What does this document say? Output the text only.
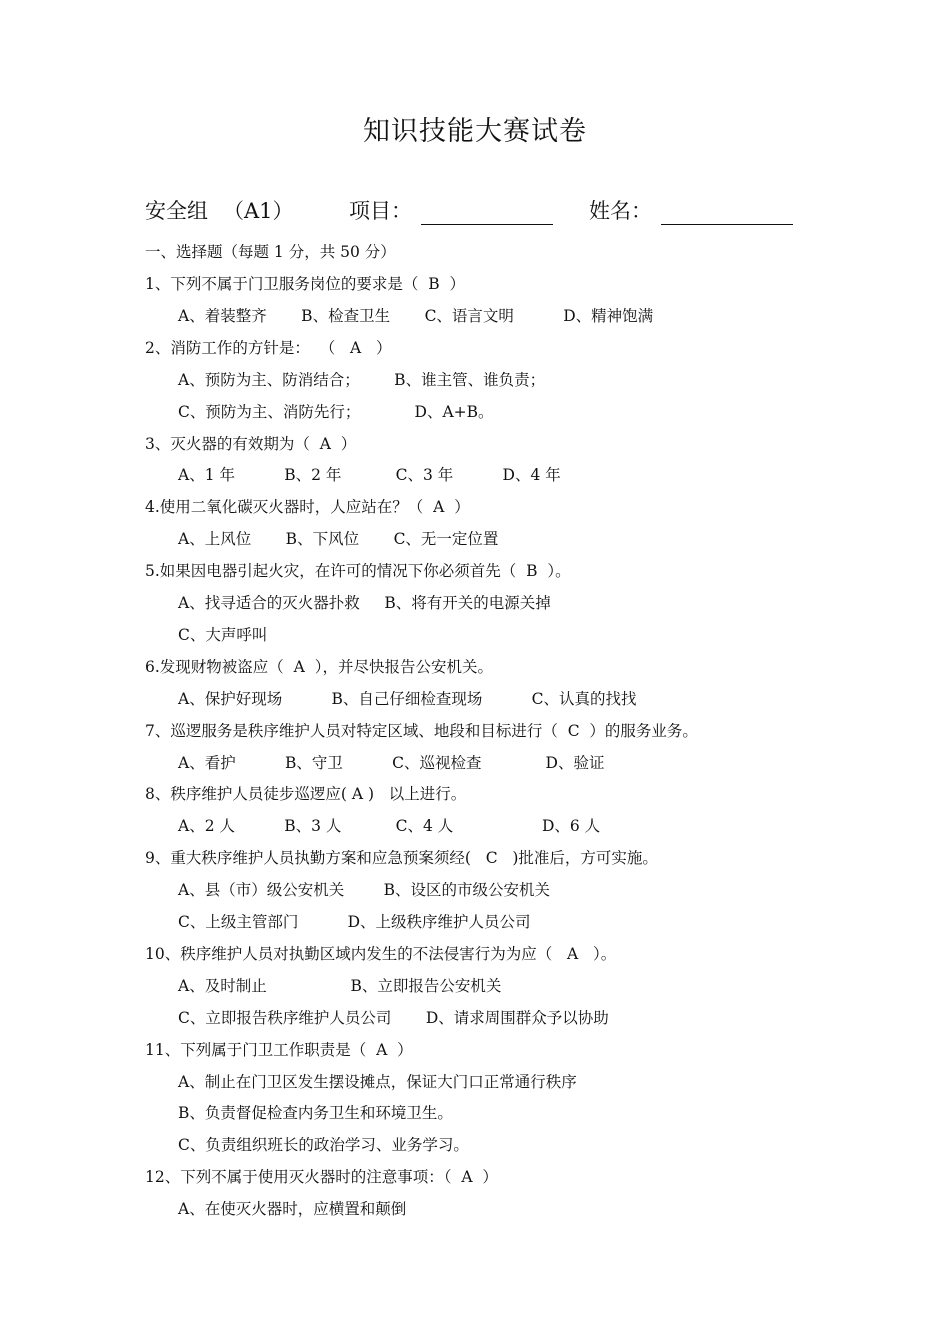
知识技能大赛试卷
安全组 （A1）	项目：	姓名：
一、选择题（每题 1 分，共 50 分）
1、下列不属于门卫服务岗位的要求是（  B  ）
A、着装整齐       B、检查卫生       C、语言文明          D、精神饱满
2、消防工作的方针是：  （   A   ）
A、预防为主、防消结合；       B、谁主管、谁负责；
C、预防为主、消防先行；           D、A+B。
3、灭火器的有效期为（  A  ）
A、1 年          B、2 年           C、3 年          D、4 年
4.使用二氧化碳灭火器时，人应站在？（  A  ）
A、上风位       B、下风位       C、无一定位置
5.如果因电器引起火灾，在许可的情况下你必须首先（  B  ）。
A、找寻适合的灭火器扑救     B、将有开关的电源关掉
C、大声呼叫
6.发现财物被盗应（  A  ），并尽快报告公安机关。
A、保护好现场          B、自己仔细检查现场          C、认真的找找
7、巡逻服务是秩序维护人员对特定区域、地段和目标进行（  C  ）的服务业务。
A、看护          B、守卫          C、巡视检查             D、验证
8、秩序维护人员徒步巡逻应( A )   以上进行。
A、2 人          B、3 人           C、4 人                  D、6 人
9、重大秩序维护人员执勤方案和应急预案须经(   C   )批准后，方可实施。
A、县（市）级公安机关        B、设区的市级公安机关
C、上级主管部门          D、上级秩序维护人员公司
10、秩序维护人员对执勤区域内发生的不法侵害行为为应（   A   ）。
A、及时制止                 B、立即报告公安机关
C、立即报告秩序维护人员公司       D、请求周围群众予以协助
11、下列属于门卫工作职责是（  A  ）
A、制止在门卫区发生摆设摊点，保证大门口正常通行秩序
B、负责督促检查内务卫生和环境卫生。
C、负责组织班长的政治学习、业务学习。
12、下列不属于使用灭火器时的注意事项：（  A  ）
A、在使灭火器时，应横置和颠倒
